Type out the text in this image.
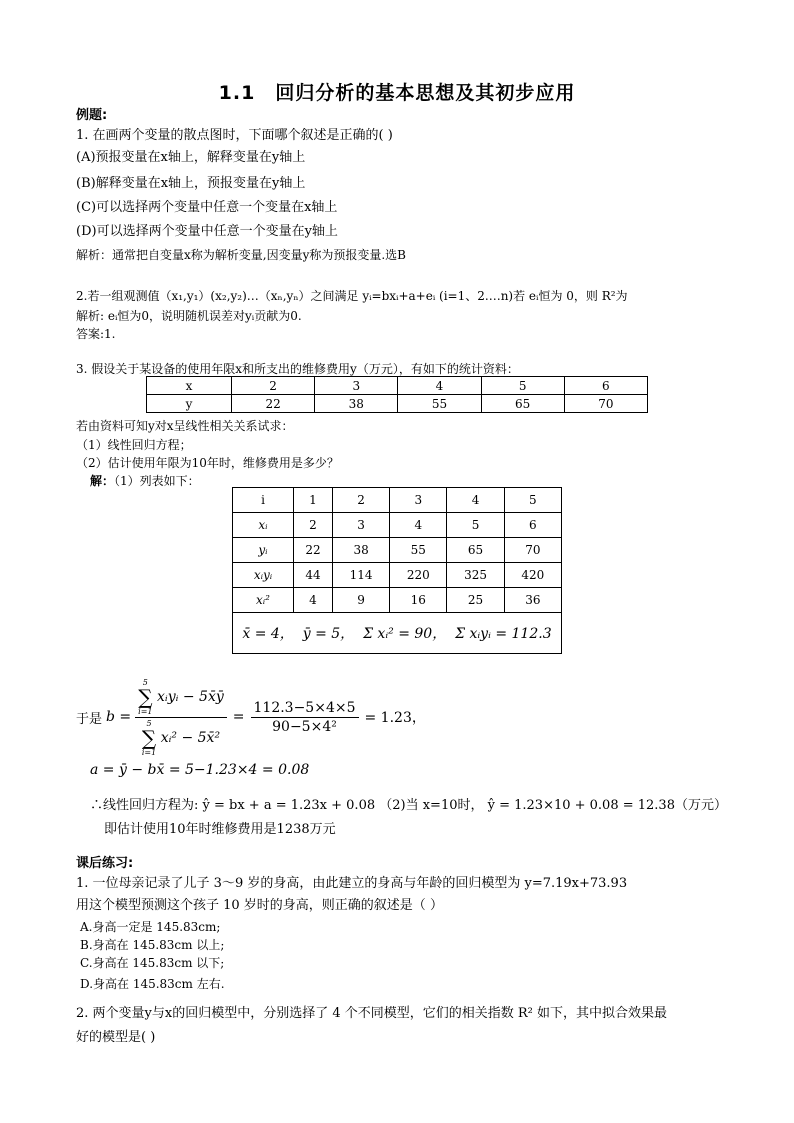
1.1　回归分析的基本思想及其初步应用
例题:
1. 在画两个变量的散点图时，下面哪个叙述是正确的( )
(A)预报变量在x轴上，解释变量在y轴上
(B)解释变量在x轴上，预报变量在y轴上
(C)可以选择两个变量中任意一个变量在x轴上
(D)可以选择两个变量中任意一个变量在y轴上
解析：通常把自变量x称为解析变量,因变量y称为预报变量.选B
2.若一组观测值（x₁,y₁）(x₂,y₂)…（xₙ,yₙ）之间满足 yᵢ=bxᵢ+a+eᵢ (i=1、2.…n)若 eᵢ恒为 0，则 R²为
解析: eᵢ恒为0，说明随机误差对yᵢ贡献为0.
答案:1.
3. 假设关于某设备的使用年限x和所支出的维修费用y（万元），有如下的统计资料：
x	2	3	4	5	6
y	22	38	55	65	70
若由资料可知y对x呈线性相关关系试求：
（1）线性回归方程；
（2）估计使用年限为10年时，维修费用是多少？
解：（1）列表如下：
i	1	2	3	4	5
xᵢ	2	3	4	5	6
yᵢ	22	38	55	65	70
xᵢyᵢ	44	114	220	325	420
xᵢ²	4	9	16	25	36
x̄ = 4， ȳ = 5， Σ xᵢ² = 90， Σ xᵢyᵢ = 112.3					
于是 b = 5
∑
i=1
xᵢyᵢ − 5x̄ȳ
5
∑
i=1
xᵢ² − 5x̄² = $\frac{112.3-5\times 4\times 5}{\text{90−5×4²}} = 1.23$，
a = ȳ − bx̄ = 5−1.23×4 = 0.08
∴线性回归方程为: ŷ = bx + a = 1.23x + 0.08 （2)当 x=10时， ŷ = 1.23×10 + 0.08 = 12.38（万元）
即估计使用10年时维修费用是1238万元
课后练习:
1. 一位母亲记录了儿子 3～9 岁的身高，由此建立的身高与年龄的回归模型为 y=7.19x+73.93
用这个模型预测这个孩子 10 岁时的身高，则正确的叙述是（ ）
A.身高一定是 145.83cm;
B.身高在 145.83cm 以上;
C.身高在 145.83cm 以下;
D.身高在 145.83cm 左右.
2. 两个变量y与x的回归模型中，分别选择了 4 个不同模型，它们的相关指数 R² 如下，其中拟合效果最
好的模型是( )
